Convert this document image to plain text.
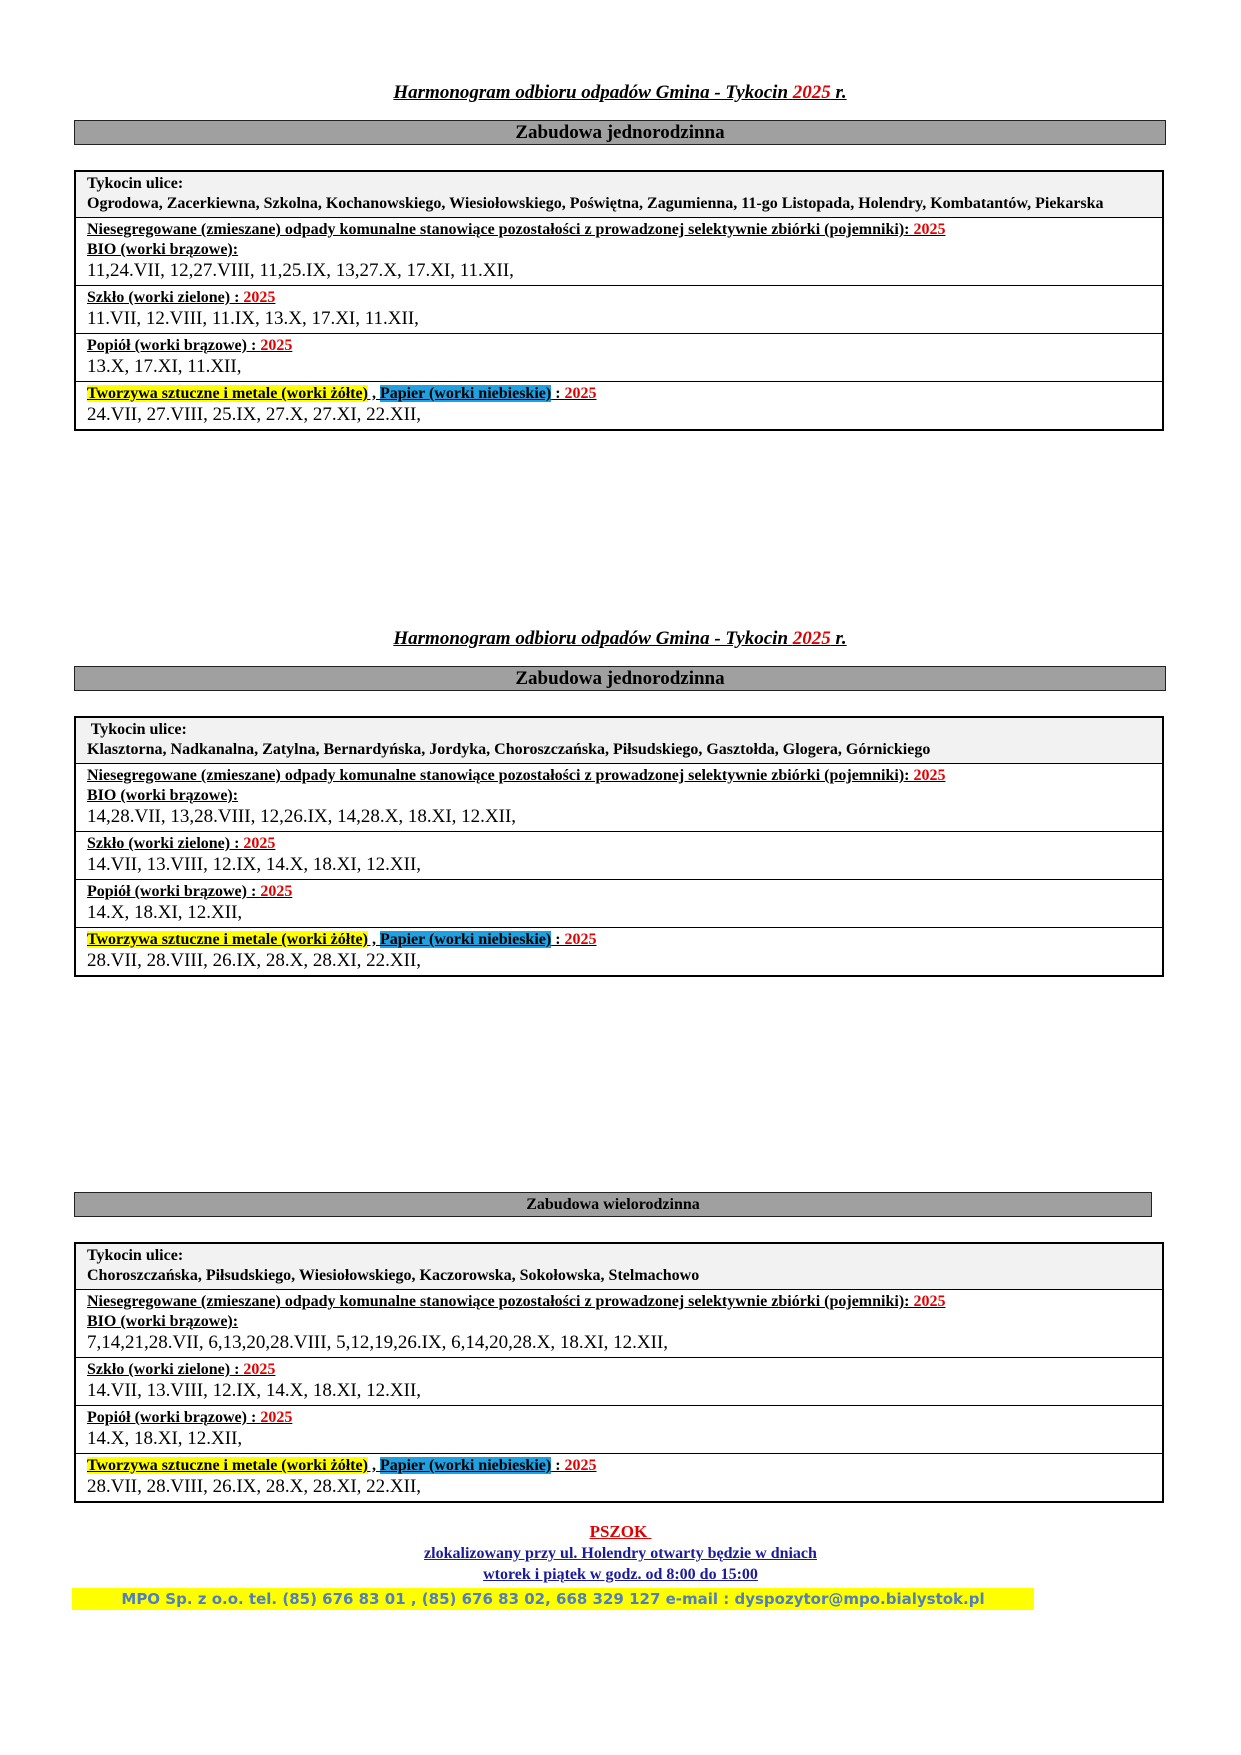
Harmonogram odbioru odpadów Gmina - Tykocin 2025 r.
Zabudowa jednorodzinna
Tykocin ulice:
Ogrodowa, Zacerkiewna, Szkolna, Kochanowskiego, Wiesiołowskiego, Poświętna, Zagumienna, 11-go Listopada, Holendry, Kombatantów, Piekarska
Niesegregowane (zmieszane) odpady komunalne stanowiące pozostałości z prowadzonej selektywnie zbiórki (pojemniki): 2025
BIO (worki brązowe):
11,24.VII, 12,27.VIII, 11,25.IX, 13,27.X, 17.XI, 11.XII,
Szkło (worki zielone) : 2025
11.VII, 12.VIII, 11.IX, 13.X, 17.XI, 11.XII,
Popiół (worki brązowe) : 2025
13.X, 17.XI, 11.XII,
Tworzywa sztuczne i metale (worki żółte) , Papier (worki niebieskie) : 2025
24.VII, 27.VIII, 25.IX, 27.X, 27.XI, 22.XII,
Harmonogram odbioru odpadów Gmina - Tykocin 2025 r.
Zabudowa jednorodzinna
Tykocin ulice:
Klasztorna, Nadkanalna, Zatylna, Bernardyńska, Jordyka, Choroszczańska, Piłsudskiego, Gasztołda, Glogera, Górnickiego
Niesegregowane (zmieszane) odpady komunalne stanowiące pozostałości z prowadzonej selektywnie zbiórki (pojemniki): 2025
BIO (worki brązowe):
14,28.VII, 13,28.VIII, 12,26.IX, 14,28.X, 18.XI, 12.XII,
Szkło (worki zielone) : 2025
14.VII, 13.VIII, 12.IX, 14.X, 18.XI, 12.XII,
Popiół (worki brązowe) : 2025
14.X, 18.XI, 12.XII,
Tworzywa sztuczne i metale (worki żółte) , Papier (worki niebieskie) : 2025
28.VII, 28.VIII, 26.IX, 28.X, 28.XI, 22.XII,
Zabudowa wielorodzinna
Tykocin ulice:
Choroszczańska, Piłsudskiego, Wiesiołowskiego, Kaczorowska, Sokołowska, Stelmachowo
Niesegregowane (zmieszane) odpady komunalne stanowiące pozostałości z prowadzonej selektywnie zbiórki (pojemniki): 2025
BIO (worki brązowe):
7,14,21,28.VII, 6,13,20,28.VIII, 5,12,19,26.IX, 6,14,20,28.X, 18.XI, 12.XII,
Szkło (worki zielone) : 2025
14.VII, 13.VIII, 12.IX, 14.X, 18.XI, 12.XII,
Popiół (worki brązowe) : 2025
14.X, 18.XI, 12.XII,
Tworzywa sztuczne i metale (worki żółte) , Papier (worki niebieskie) : 2025
28.VII, 28.VIII, 26.IX, 28.X, 28.XI, 22.XII,
PSZOK
zlokalizowany przy ul. Holendry otwarty będzie w dniach
wtorek i piątek w godz. od 8:00 do 15:00
MPO Sp. z o.o. tel. (85) 676 83 01 , (85) 676 83 02, 668 329 127 e-mail : dyspozytor@mpo.bialystok.pl
